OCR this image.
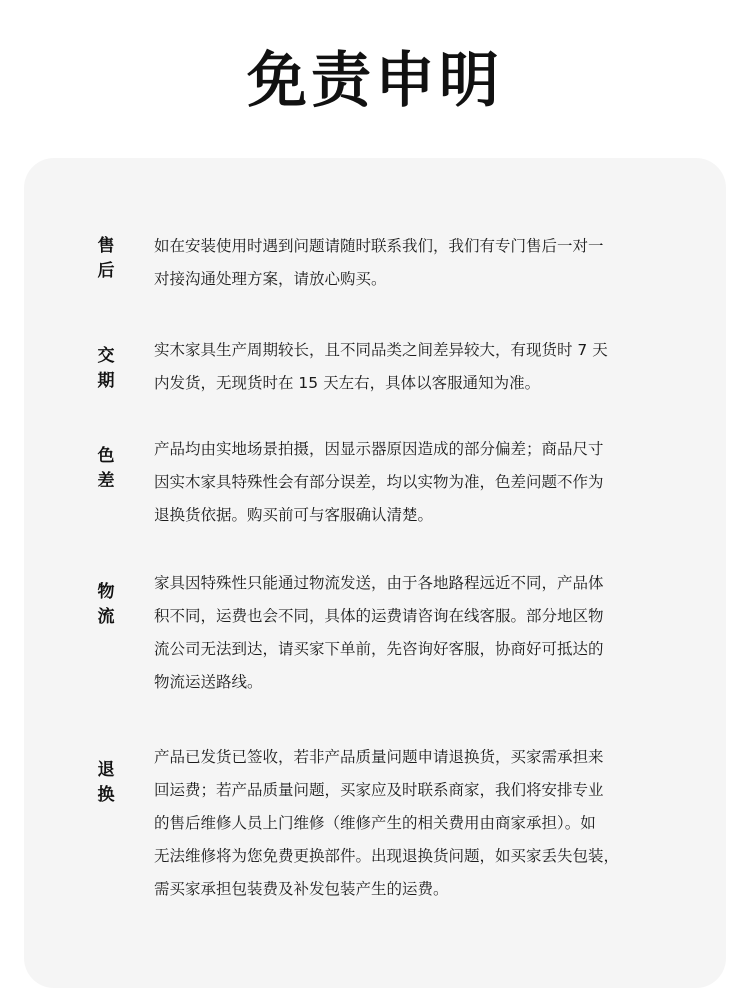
免责申明
售
后
如在安装使用时遇到问题请随时联系我们，我们有专门售后一对一
对接沟通处理方案，请放心购买。
交
期
实木家具生产周期较长，且不同品类之间差异较大，有现货时 7 天
内发货，无现货时在 15 天左右，具体以客服通知为准。
色
差
产品均由实地场景拍摄，因显示器原因造成的部分偏差；商品尺寸
因实木家具特殊性会有部分误差，均以实物为准，色差问题不作为
退换货依据。购买前可与客服确认清楚。
物
流
家具因特殊性只能通过物流发送，由于各地路程远近不同，产品体
积不同，运费也会不同，具体的运费请咨询在线客服。部分地区物
流公司无法到达，请买家下单前，先咨询好客服，协商好可抵达的
物流运送路线。
退
换
产品已发货已签收，若非产品质量问题申请退换货，买家需承担来
回运费；若产品质量问题，买家应及时联系商家，我们将安排专业
的售后维修人员上门维修（维修产生的相关费用由商家承担）。如
无法维修将为您免费更换部件。出现退换货问题，如买家丢失包装，
需买家承担包装费及补发包装产生的运费。
